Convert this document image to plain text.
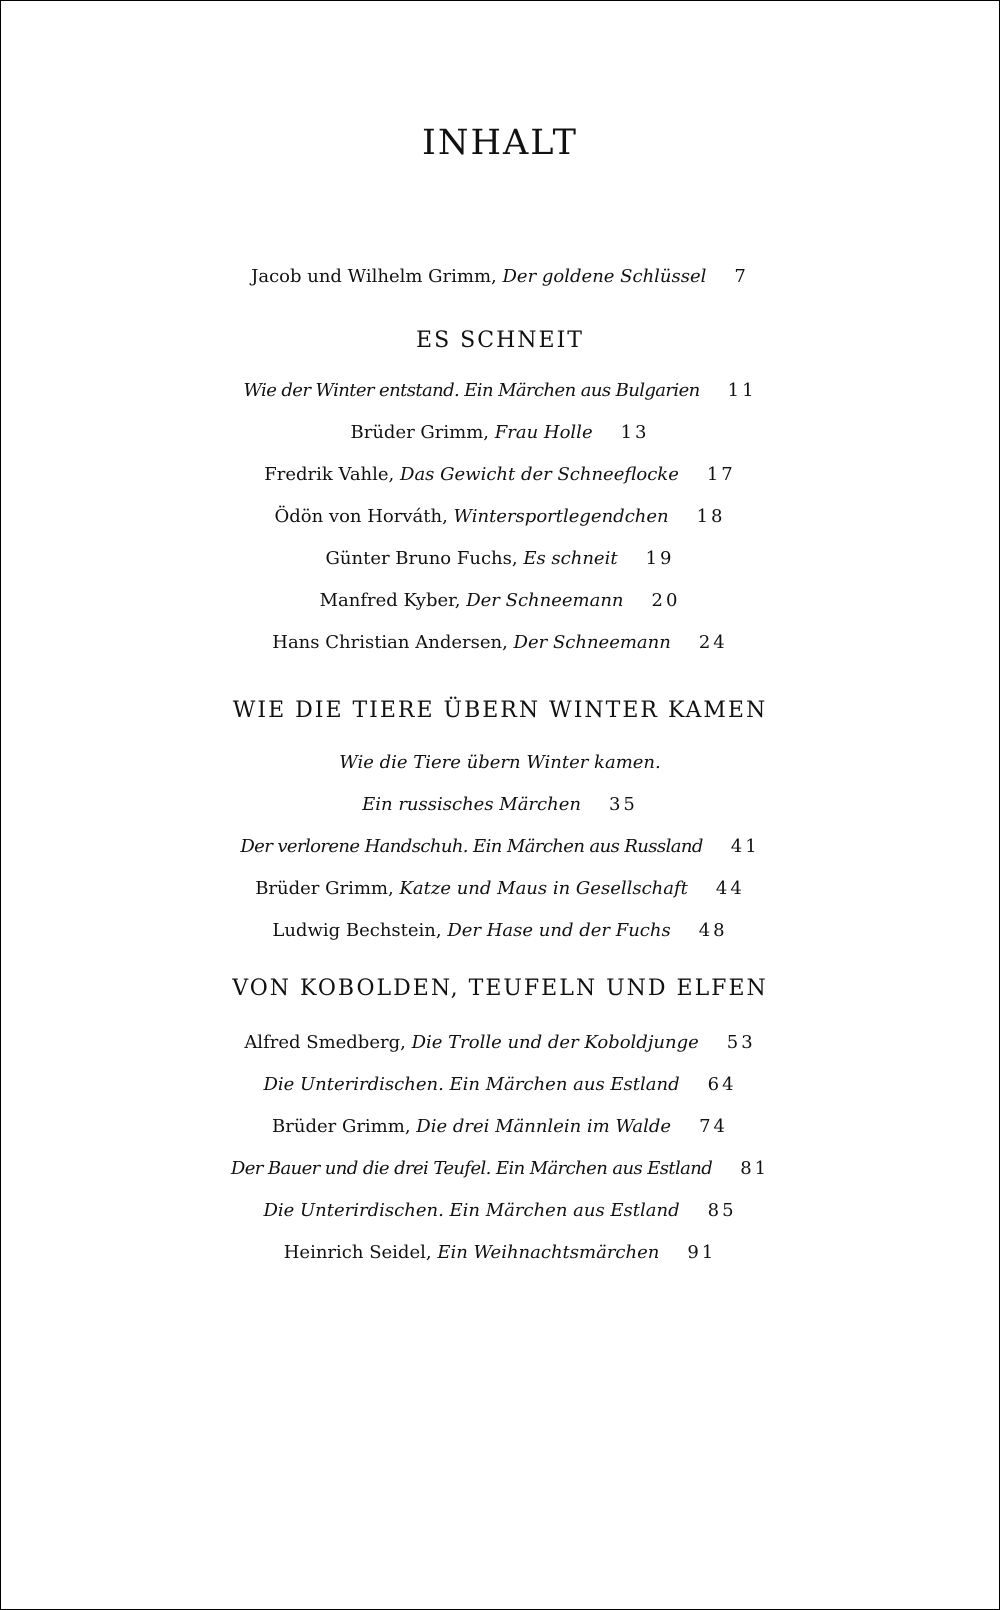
INHALT
Jacob und Wilhelm Grimm, Der goldene Schlüssel 7
ES SCHNEIT
Wie der Winter entstand. Ein Märchen aus Bulgarien 11
Brüder Grimm, Frau Holle 13
Fredrik Vahle, Das Gewicht der Schneeflocke 17
Ödön von Horváth, Wintersportlegendchen 18
Günter Bruno Fuchs, Es schneit 19
Manfred Kyber, Der Schneemann 20
Hans Christian Andersen, Der Schneemann 24
WIE DIE TIERE ÜBERN WINTER KAMEN
Wie die Tiere übern Winter kamen.
Ein russisches Märchen 35
Der verlorene Handschuh. Ein Märchen aus Russland 41
Brüder Grimm, Katze und Maus in Gesellschaft 44
Ludwig Bechstein, Der Hase und der Fuchs 48
VON KOBOLDEN, TEUFELN UND ELFEN
Alfred Smedberg, Die Trolle und der Koboldjunge 53
Die Unterirdischen. Ein Märchen aus Estland 64
Brüder Grimm, Die drei Männlein im Walde 74
Der Bauer und die drei Teufel. Ein Märchen aus Estland 81
Die Unterirdischen. Ein Märchen aus Estland 85
Heinrich Seidel, Ein Weihnachtsmärchen 91
